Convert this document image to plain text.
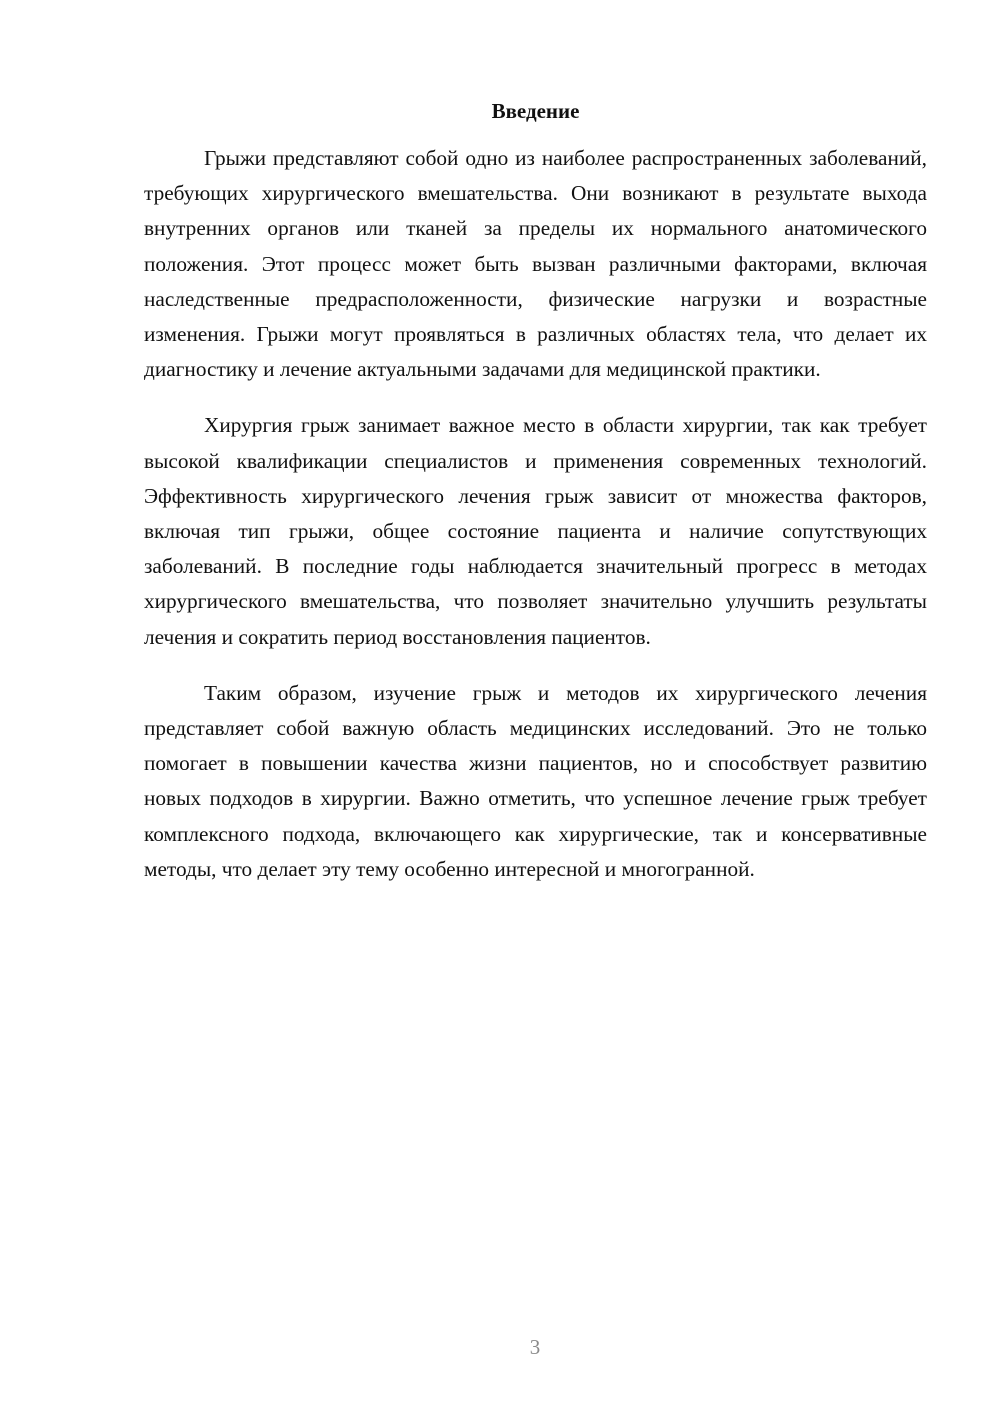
Введение

Грыжи представляют собой одно из наиболее распространенных заболеваний, требующих хирургического вмешательства. Они возникают в результате выхода внутренних органов или тканей за пределы их нормального анатомического положения. Этот процесс может быть вызван различными факторами, включая наследственные предрасположенности, физические нагрузки и возрастные изменения. Грыжи могут проявляться в различных областях тела, что делает их диагностику и лечение актуальными задачами для медицинской практики.

Хирургия грыж занимает важное место в области хирургии, так как требует высокой квалификации специалистов и применения современных технологий. Эффективность хирургического лечения грыж зависит от множества факторов, включая тип грыжи, общее состояние пациента и наличие сопутствующих заболеваний. В последние годы наблюдается значительный прогресс в методах хирургического вмешательства, что позволяет значительно улучшить результаты лечения и сократить период восстановления пациентов.

Таким образом, изучение грыж и методов их хирургического лечения представляет собой важную область медицинских исследований. Это не только помогает в повышении качества жизни пациентов, но и способствует развитию новых подходов в хирургии. Важно отметить, что успешное лечение грыж требует комплексного подхода, включающего как хирургические, так и консервативные методы, что делает эту тему особенно интересной и многогранной.

3
